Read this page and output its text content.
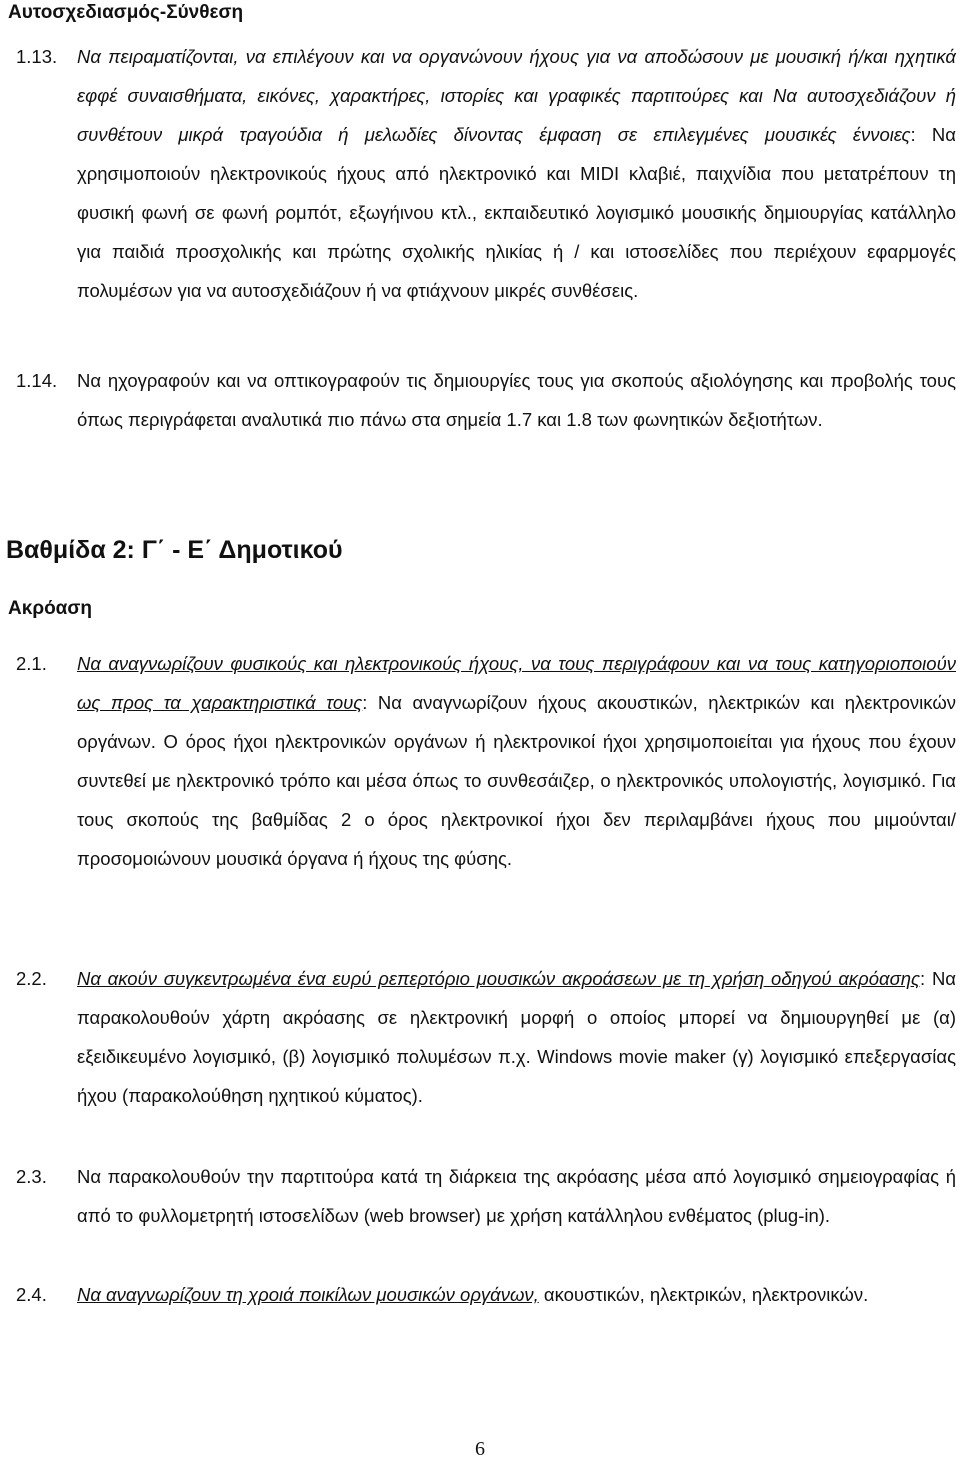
Αυτοσχεδιασμός-Σύνθεση
1.13. Να πειραματίζονται, να επιλέγουν και να οργανώνουν ήχους για να αποδώσουν με μουσική ή/και ηχητικά εφφέ συναισθήματα, εικόνες, χαρακτήρες, ιστορίες και γραφικές παρτιτούρες και Να αυτοσχεδιάζουν ή συνθέτουν μικρά τραγούδια ή μελωδίες δίνοντας έμφαση σε επιλεγμένες μουσικές έννοιες: Να χρησιμοποιούν ηλεκτρονικούς ήχους από ηλεκτρονικό και MIDI κλαβιέ, παιχνίδια που μετατρέπουν τη φυσική φωνή σε φωνή ρομπότ, εξωγήινου κτλ., εκπαιδευτικό λογισμικό μουσικής δημιουργίας κατάλληλο για παιδιά προσχολικής και πρώτης σχολικής ηλικίας ή / και ιστοσελίδες που περιέχουν εφαρμογές πολυμέσων για να αυτοσχεδιάζουν ή να φτιάχνουν μικρές συνθέσεις.
1.14. Να ηχογραφούν και να οπτικογραφούν τις δημιουργίες τους για σκοπούς αξιολόγησης και προβολής τους όπως περιγράφεται αναλυτικά πιο πάνω στα σημεία 1.7 και 1.8 των φωνητικών δεξιοτήτων.
Βαθμίδα 2: Γ΄ - Ε΄ Δημοτικού
Ακρόαση
2.1. Να αναγνωρίζουν φυσικούς και ηλεκτρονικούς ήχους, να τους περιγράφουν και να τους κατηγοριοποιούν ως προς τα χαρακτηριστικά τους: Να αναγνωρίζουν ήχους ακουστικών, ηλεκτρικών και ηλεκτρονικών οργάνων. Ο όρος ήχοι ηλεκτρονικών οργάνων ή ηλεκτρονικοί ήχοι χρησιμοποιείται για ήχους που έχουν συντεθεί με ηλεκτρονικό τρόπο και μέσα όπως το συνθεσάιζερ, ο ηλεκτρονικός υπολογιστής, λογισμικό. Για τους σκοπούς της βαθμίδας 2 ο όρος ηλεκτρονικοί ήχοι δεν περιλαμβάνει ήχους που μιμούνται/ προσομοιώνουν μουσικά όργανα ή ήχους της φύσης.
2.2. Να ακούν συγκεντρωμένα ένα ευρύ ρεπερτόριο μουσικών ακροάσεων με τη χρήση οδηγού ακρόασης: Να παρακολουθούν χάρτη ακρόασης σε ηλεκτρονική μορφή ο οποίος μπορεί να δημιουργηθεί με (α) εξειδικευμένο λογισμικό, (β) λογισμικό πολυμέσων π.χ. Windows movie maker (γ) λογισμικό επεξεργασίας ήχου (παρακολούθηση ηχητικού κύματος).
2.3. Να παρακολουθούν την παρτιτούρα κατά τη διάρκεια της ακρόασης μέσα από λογισμικό σημειογραφίας ή από το φυλλομετρητή ιστοσελίδων (web browser) με χρήση κατάλληλου ενθέματος (plug-in).
2.4. Να αναγνωρίζουν τη χροιά ποικίλων μουσικών οργάνων, ακουστικών, ηλεκτρικών, ηλεκτρονικών.
6
